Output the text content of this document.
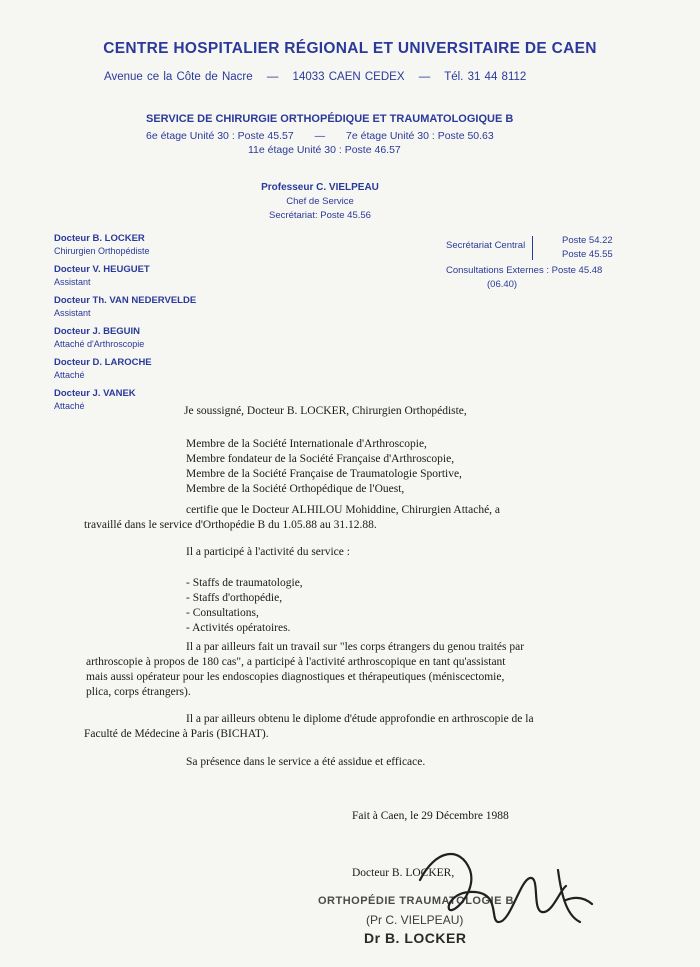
CENTRE HOSPITALIER RÉGIONAL ET UNIVERSITAIRE DE CAEN
Avenue ce la Côte de Nacre — 14033 CAEN CEDEX — Tél. 31 44 8112
SERVICE DE CHIRURGIE ORTHOPÉDIQUE ET TRAUMATOLOGIQUE B
6e étage Unité 30 : Poste 45.57 — 7e étage Unité 30 : Poste 50.63
11e étage Unité 30 : Poste 46.57
Professeur C. VIELPEAU
Chef de Service
Secrétariat: Poste 45.56
Docteur B. LOCKER
Chirurgien Orthopédiste
Docteur V. HEUGUET
Assistant
Docteur Th. VAN NEDERVELDE
Assistant
Docteur J. BEGUIN
Attaché d'Arthroscopie
Docteur D. LAROCHE
Attaché
Docteur J. VANEK
Attaché
Secrétariat Central	Poste 54.22
Poste 45.55
Consultations Externes : Poste 45.48
(06.40)
Je soussigné, Docteur B. LOCKER, Chirurgien Orthopédiste,
Membre de la Société Internationale d'Arthroscopie,
Membre fondateur de la Société Française d'Arthroscopie,
Membre de la Société Française de Traumatologie Sportive,
Membre de la Société Orthopédique de l'Ouest,
certifie que le Docteur ALHILOU Mohiddine, Chirurgien Attaché, a
travaillé dans le service d'Orthopédie B du 1.05.88 au 31.12.88.
Il a participé à l'activité du service :
- Staffs de traumatologie,
- Staffs d'orthopédie,
- Consultations,
- Activités opératoires.
Il a par ailleurs fait un travail sur "les corps étrangers du genou traités par
arthroscopie à propos de 180 cas", a participé à l'activité arthroscopique en tant qu'assistant
mais aussi opérateur pour les endoscopies diagnostiques et thérapeutiques (méniscectomie,
plica, corps étrangers).
Il a par ailleurs obtenu le diplome d'étude approfondie en arthroscopie de la
Faculté de Médecine à Paris (BICHAT).
Sa présence dans le service a été assidue et efficace.
Fait à Caen, le 29 Décembre 1988
Docteur B. LOCKER,
ORTHOPÉDIE TRAUMATOLOGIE B
(Pr C. VIELPEAU)
Dr B. LOCKER
